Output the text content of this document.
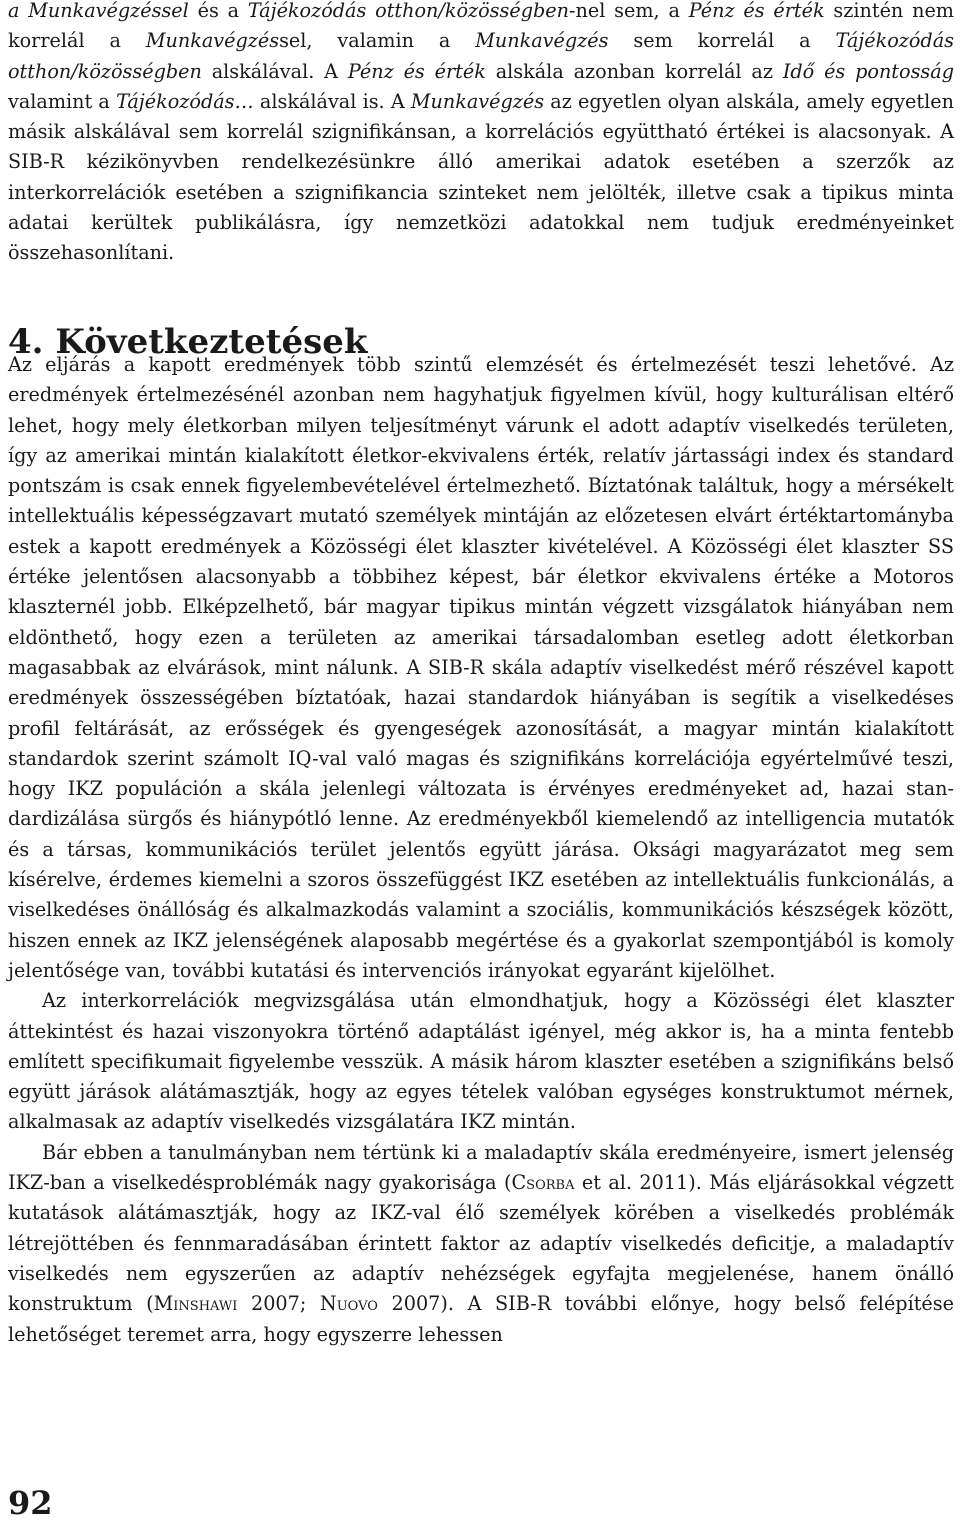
a Munkavégzéssel és a Tájékozódás otthon/közösségben-nel sem, a Pénz és érték szintén nem korrelál a Munkavégzéssel, valamin a Munkavégzés sem korrelál a Tájékozódás otthon/közösségben alskálával. A Pénz és érték alskála azonban korrelál az Idő és pontosság valamint a Tájékozódás… alskálával is. A Munkavégzés az egyetlen olyan alskála, amely egyetlen másik alskálával sem korrelál szignifikánsan, a korrelációs együttható értékei is alacsonyak. A SIB-R kézikönyvben rendelkezésünkre álló amerikai adatok esetében a szerzők az interkorrelációk esetében a szignifikancia szinteket nem jelölték, illetve csak a tipikus minta adatai kerültek publikálásra, így nemzetközi adatokkal nem tudjuk eredményeinket összehasonlítani.

4. Következtetések

Az eljárás a kapott eredmények több szintű elemzését és értelmezését teszi lehetővé. Az eredmények értelmezésénél azonban nem hagyhatjuk figyelmen kívül, hogy kulturálisan eltérő lehet, hogy mely életkorban milyen teljesítményt várunk el adott adaptív viselkedés területen, így az amerikai mintán kialakított életkor-ekvivalens érték, relatív jártassági index és standard pontszám is csak ennek figyelembevételével értelmezhető. Bíztatónak találtuk, hogy a mérsékelt intellektuális képességzavart mutató személyek mintáján az előzetesen elvárt értéktartományba estek a kapott eredmények a Közösségi élet klaszter kivételével. A Közösségi élet klaszter SS értéke jelentősen alacsonyabb a többihez képest, bár életkor ekvivalens értéke a Motoros klaszternél jobb. Elképzelhető, bár magyar tipikus mintán végzett vizsgálatok hiányában nem eldönthető, hogy ezen a területen az amerikai társadalomban esetleg adott életkorban magasabbak az elvárások, mint nálunk. A SIB-R skála adaptív viselkedést mérő részével kapott eredmények összességében bíztatóak, hazai standardok hiányában is segítik a viselkedéses profil feltárását, az erősségek és gyengeségek azonosítását, a magyar mintán kialakított standardok szerint számolt IQ-val való magas és szignifikáns korrelációja egyértelművé teszi, hogy IKZ populáción a skála jelenlegi változata is érvényes eredményeket ad, hazai standardizálása sürgős és hiánypótló lenne. Az eredményekből kiemelendő az intelligencia mutatók és a társas, kommunikációs terület jelentős együtt járása. Oksági magyarázatot meg sem kísérelve, érdemes kiemelni a szoros összefüggést IKZ esetében az intellektuális funkcionálás, a viselkedéses önállóság és alkalmazkodás valamint a szociális, kommunikációs készségek között, hiszen ennek az IKZ jelenségének alaposabb megértése és a gyakorlat szempontjából is komoly jelentősége van, további kutatási és intervenciós irányokat egyaránt kijelölhet.

Az interkorrelációk megvizsgálása után elmondhatjuk, hogy a Közösségi élet klaszter áttekintést és hazai viszonyokra történő adaptálást igényel, még akkor is, ha a minta fentebb említett specifikumait figyelembe vesszük. A másik három klaszter esetében a szignifikáns belső együtt járások alátámasztják, hogy az egyes tételek valóban egységes konstruktumot mérnek, alkalmasak az adaptív viselkedés vizsgálatára IKZ mintán.

Bár ebben a tanulmányban nem tértünk ki a maladaptív skála eredményeire, ismert jelenség IKZ-ban a viselkedésproblémák nagy gyakorisága (Csorba et al. 2011). Más eljárásokkal végzett kutatások alátámasztják, hogy az IKZ-val élő személyek körében a viselkedés problémák létrejöttében és fennmaradásában érintett faktor az adaptív viselkedés deficitje, a maladaptív viselkedés nem egyszerűen az adaptív nehézségek egyfajta megjelenése, hanem önálló konstruktum (Minshawi 2007; Nuovo 2007). A SIB-R további előnye, hogy belső felépítése lehetőséget teremet arra, hogy egyszerre lehessen

92
